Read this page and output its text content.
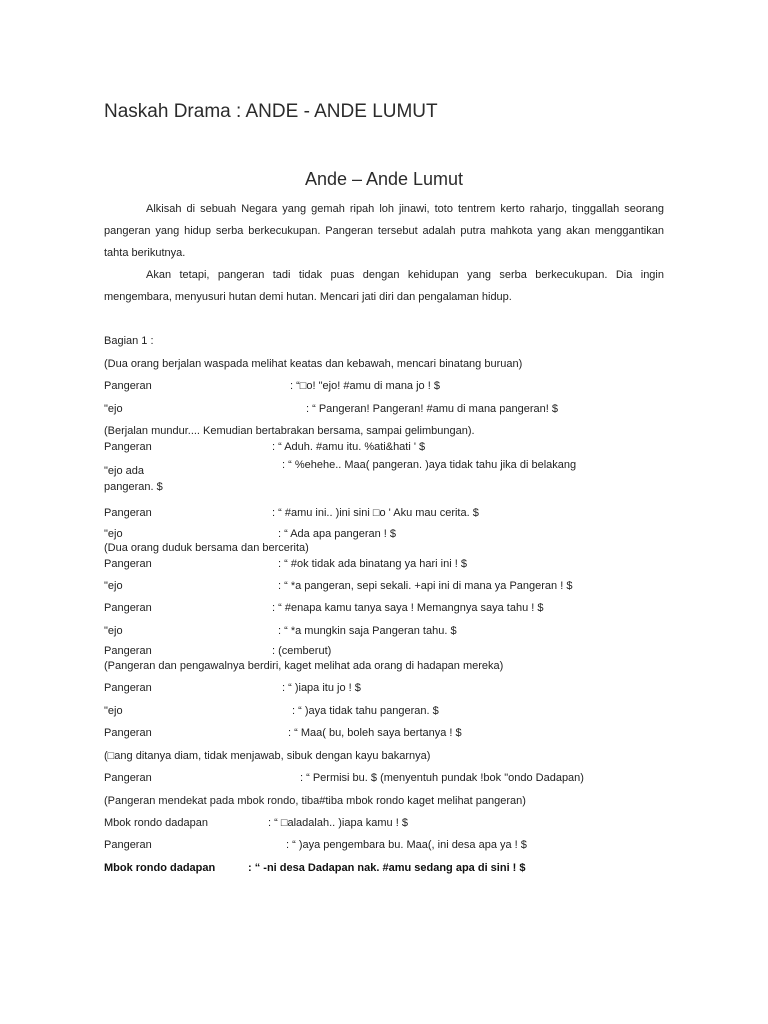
Naskah Drama : ANDE - ANDE LUMUT
Ande – Ande Lumut
Alkisah di sebuah Negara yang gemah ripah loh jinawi, toto tentrem kerto raharjo, tinggallah seorang pangeran yang hidup serba berkecukupan. Pangeran tersebut adalah putra mahkota yang akan menggantikan tahta berikutnya.
Akan tetapi, pangeran tadi tidak puas dengan kehidupan yang serba berkecukupan. Dia ingin mengembara, menyusuri hutan demi hutan. Mencari jati diri dan pengalaman hidup.
Bagian 1 :
(Dua orang berjalan waspada melihat keatas dan kebawah, mencari binatang buruan)
Pangeran	: “□o! "ejo! #amu di mana jo ! $
"ejo	: “ Pangeran! Pangeran! #amu di mana pangeran! $
(Berjalan mundur.... Kemudian bertabrakan bersama, sampai gelimbungan).
Pangeran	: “ Aduh. #amu itu. %ati&hati ' $
"ejo ada	: “ %ehehe.. Maa( pangeran. )aya tidak tahu jika di belakang
pangeran. $
Pangeran	: “ #amu ini.. )ini sini □o ' Aku mau cerita. $
"ejo	: “ Ada apa pangeran ! $
(Dua orang duduk bersama dan bercerita)
Pangeran	: “ #ok tidak ada binatang ya hari ini ! $
"ejo	: “ *a pangeran, sepi sekali. +api ini di mana ya Pangeran ! $
Pangeran	: “ #enapa kamu tanya saya ! Memangnya saya tahu ! $
"ejo	: “ *a mungkin saja Pangeran tahu. $
Pangeran	: (cemberut)
(Pangeran dan pengawalnya berdiri, kaget melihat ada orang di hadapan mereka)
Pangeran	: “ )iapa itu jo ! $
"ejo	: “ )aya tidak tahu pangeran. $
Pangeran	: “ Maa( bu, boleh saya bertanya ! $
(□ang ditanya diam, tidak menjawab, sibuk dengan kayu bakarnya)
Pangeran	: “ Permisi bu. $ (menyentuh pundak !bok "ondo Dadapan)
(Pangeran mendekat pada mbok rondo, tiba#tiba mbok rondo kaget melihat pangeran)
Mbok rondo dadapan	: “ □aladalah.. )iapa kamu ! $
Pangeran	: “ )aya pengembara bu. Maa(, ini desa apa ya ! $
Mbok rondo dadapan	: “ -ni desa Dadapan nak. #amu sedang apa di sini ! $
